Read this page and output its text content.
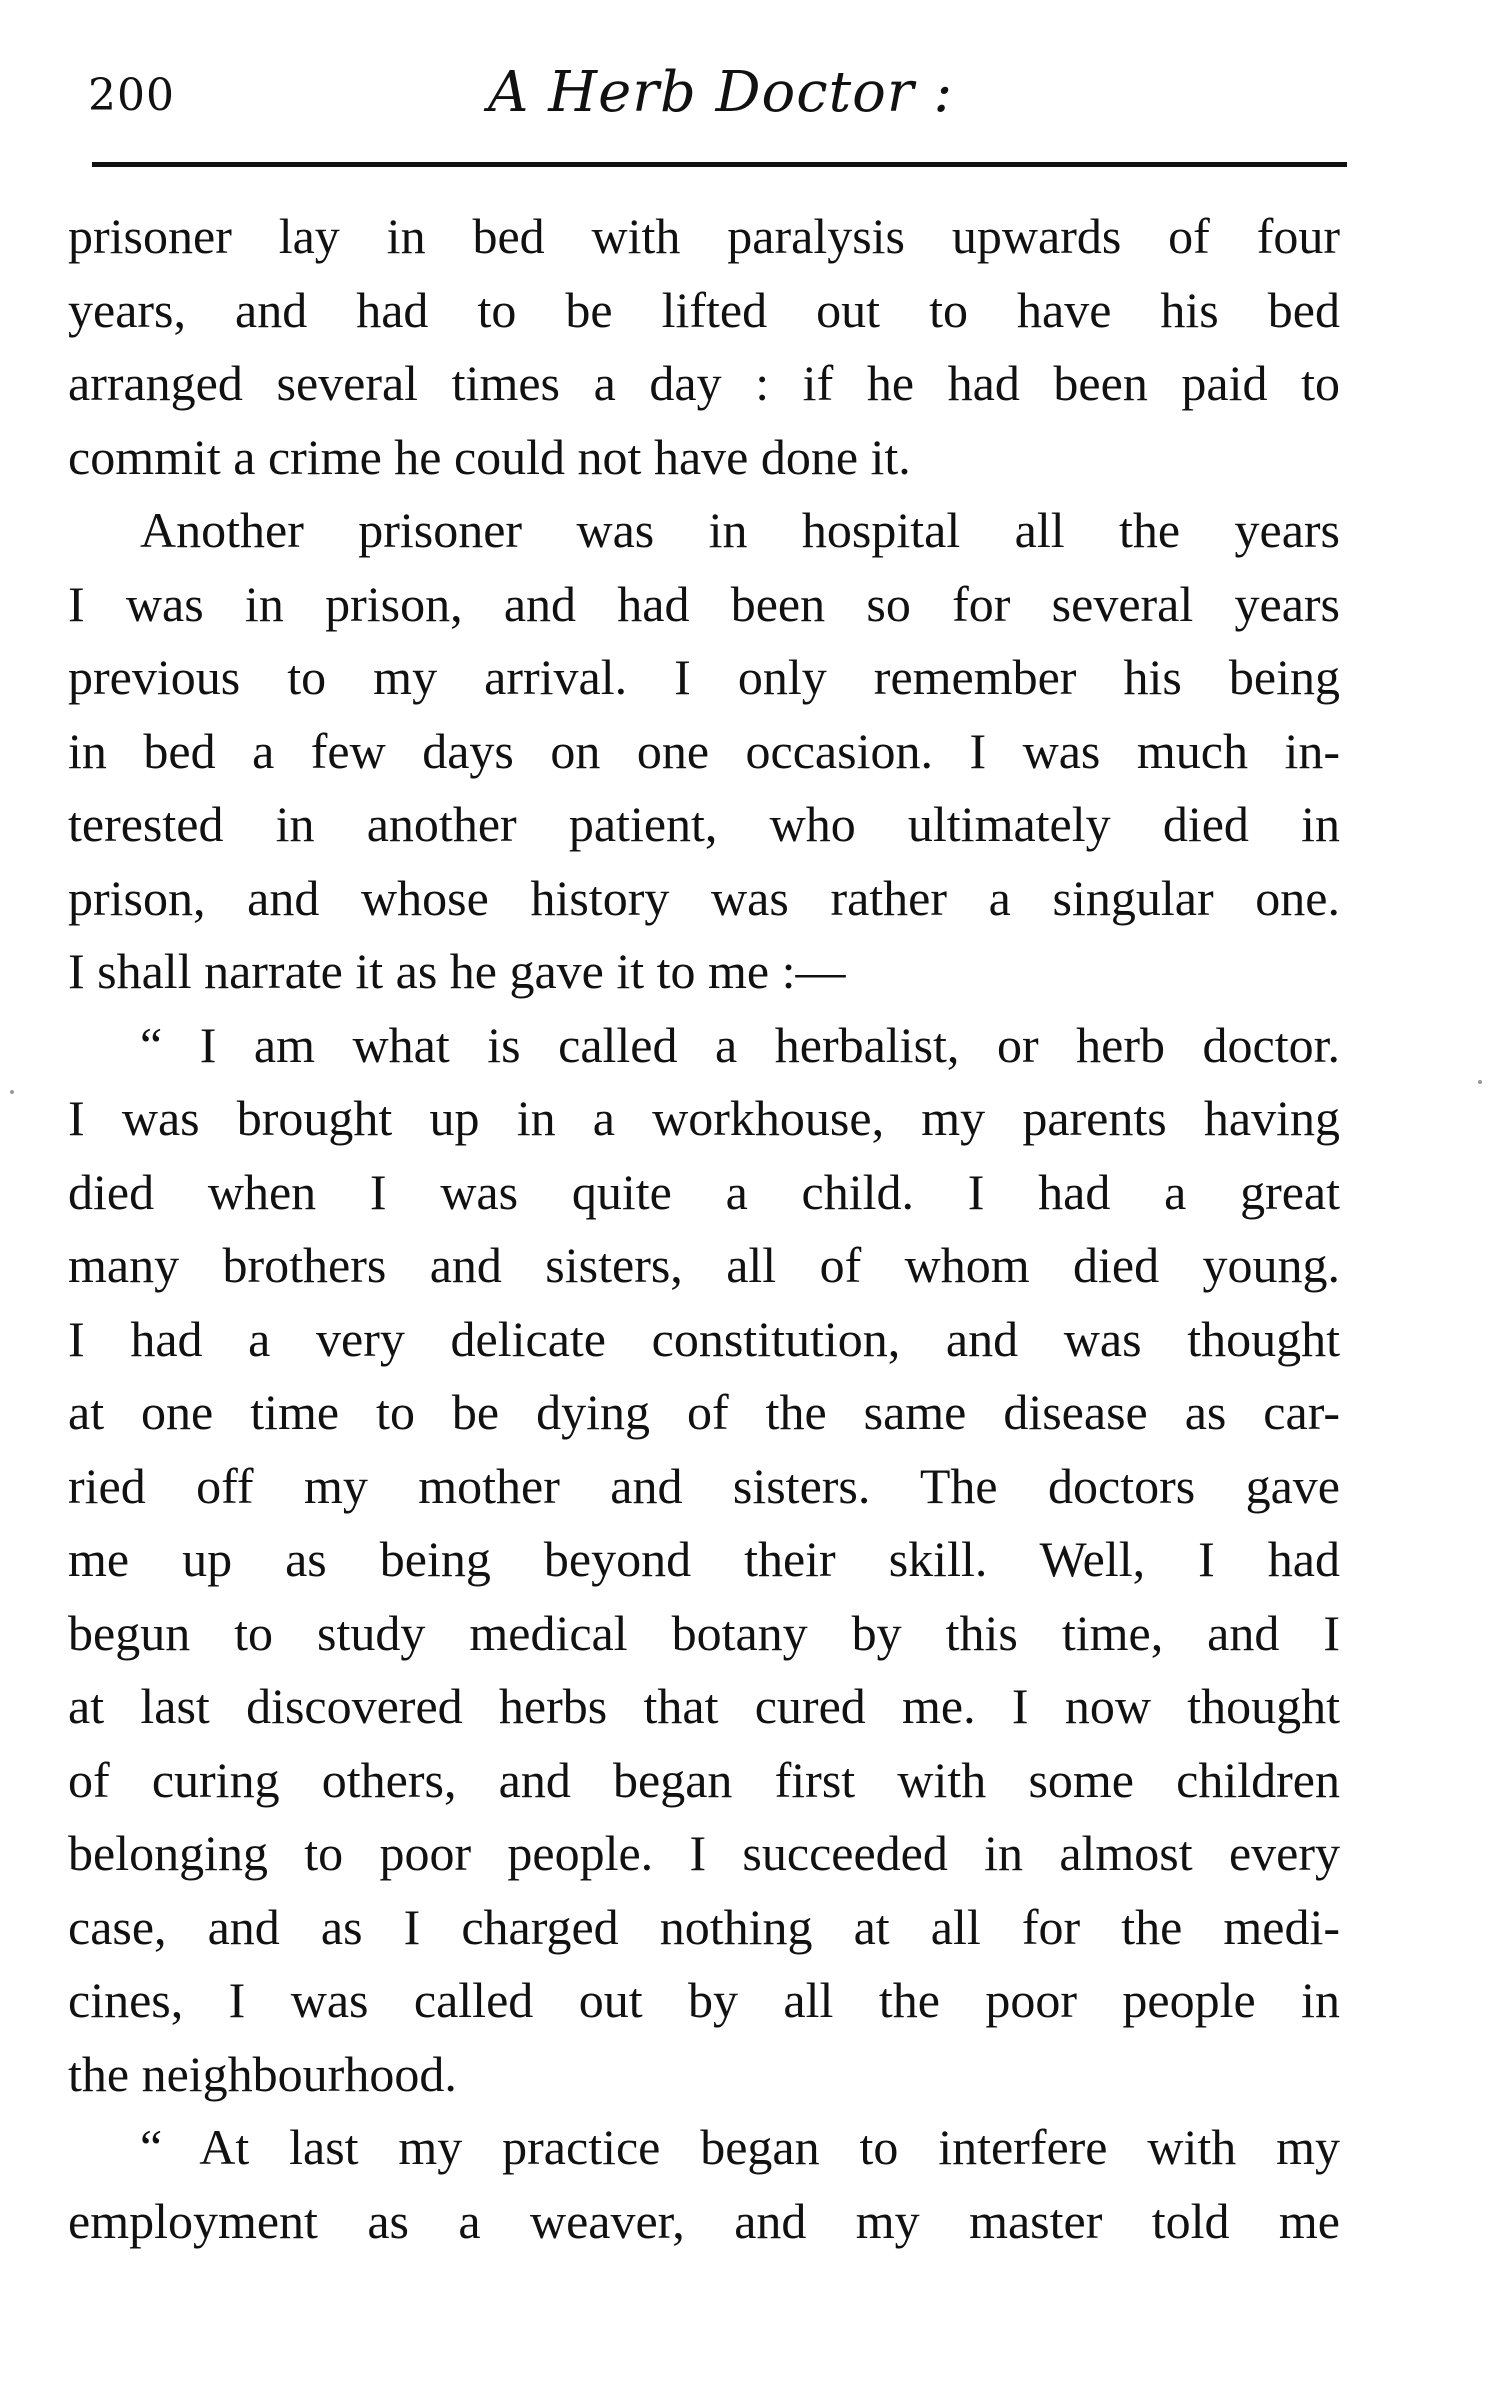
200	A Herb Doctor :
prisoner lay in bed with paralysis upwards of four
years, and had to be lifted out to have his bed
arranged several times a day : if he had been paid to
commit a crime he could not have done it.
Another prisoner was in hospital all the years
I was in prison, and had been so for several years
previous to my arrival. I only remember his being
in bed a few days on one occasion. I was much in-
terested in another patient, who ultimately died in
prison, and whose history was rather a singular one.
I shall narrate it as he gave it to me :—
“ I am what is called a herbalist, or herb doctor.
I was brought up in a workhouse, my parents having
died when I was quite a child. I had a great
many brothers and sisters, all of whom died young.
I had a very delicate constitution, and was thought
at one time to be dying of the same disease as car-
ried off my mother and sisters. The doctors gave
me up as being beyond their skill. Well, I had
begun to study medical botany by this time, and I
at last discovered herbs that cured me. I now thought
of curing others, and began first with some children
belonging to poor people. I succeeded in almost every
case, and as I charged nothing at all for the medi-
cines, I was called out by all the poor people in
the neighbourhood.
“ At last my practice began to interfere with my
employment as a weaver, and my master told me
